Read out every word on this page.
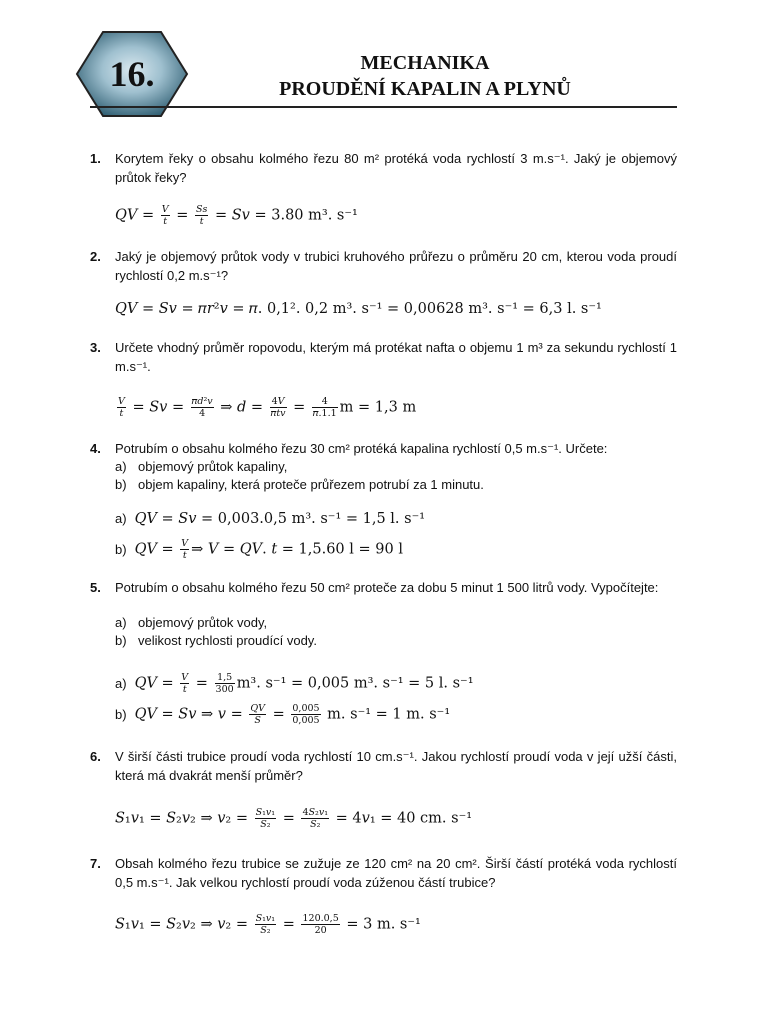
16.	MECHANIKA
PROUDĚNÍ KAPALIN A PLYNŮ
1. Korytem řeky o obsahu kolmého řezu 80 m² protéká voda rychlostí 3 m.s⁻¹. Jaký je objemový průtok řeky?
𝑄𝑉 = $\frac{\text{𝑉}}{\text{𝑡}} = \frac{\text{𝑆𝑠}}{\text{𝑡}}$ = 𝑆𝑣 = 3.80 m³. s⁻¹
2. Jaký je objemový průtok vody v trubici kruhového průřezu o průměru 20 cm, kterou voda proudí rychlostí 0,2 m.s⁻¹?
𝑄𝑉 = 𝑆𝑣 = 𝜋𝑟²𝑣 = 𝜋. 0,1². 0,2 m³. s⁻¹ = 0,00628 m³. s⁻¹ = 6,3 l. s⁻¹
3. Určete vhodný průměr ropovodu, kterým má protékat nafta o objemu 1 m³ za sekundu rychlostí 1 m.s⁻¹.
$\frac{\text{𝑉}}{\text{𝑡}}$ = 𝑆𝑣 = $\frac{\text{𝜋𝑑²𝑣}}{4}$ ⇒ 𝑑 = $\frac{\text{4𝑉}}{\text{𝜋𝑡𝑣}} = \frac{4}{\text{𝜋.1.1}}$ m = 1,3 m
4. Potrubím o obsahu kolmého řezu 30 cm² protéká kapalina rychlostí 0,5 m.s⁻¹. Určete:
a) objemový průtok kapaliny,
b) objem kapaliny, která proteče průřezem potrubí za 1 minutu.
a) 𝑄𝑉 = 𝑆𝑣 = 0,003.0,5 m³. s⁻¹ = 1,5 l. s⁻¹
b) 𝑄𝑉 = $\frac{\text{𝑉}}{\text{𝑡}}$ ⇒ 𝑉 = 𝑄𝑉. 𝑡 = 1,5.60 l = 90 l
5. Potrubím o obsahu kolmého řezu 50 cm² proteče za dobu 5 minut 1 500 litrů vody. Vypočítejte:
a) objemový průtok vody,
b) velikost rychlosti proudící vody.
a) 𝑄𝑉 = $\frac{\text{𝑉}}{\text{𝑡}} = \frac{1,5}{300} m^3$. s⁻¹ = 0,005 m³. s⁻¹ = 5 l. s⁻¹
b) 𝑄𝑉 = 𝑆𝑣 ⇒ 𝑣 = $\frac{\text{𝑄𝑉}}{\text{𝑆}} = \frac{0,005}{0,005} m$. s⁻¹ = 1 m. s⁻¹
6. V širší části trubice proudí voda rychlostí 10 cm.s⁻¹. Jakou rychlostí proudí voda v její užší části, která má dvakrát menší průměr?
𝑆₁𝑣₁ = 𝑆₂𝑣₂ ⇒ 𝑣₂ = $\frac{\text{𝑆₁𝑣₁}}{\text{𝑆₂}} = \frac{\text{4𝑆₂𝑣₁}}{\text{𝑆₂}}$ = 4𝑣₁ = 40 cm. s⁻¹
7. Obsah kolmého řezu trubice se zužuje ze 120 cm² na 20 cm². Širší částí protéká voda rychlostí 0,5 m.s⁻¹. Jak velkou rychlostí proudí voda zúženou částí trubice?
𝑆₁𝑣₁ = 𝑆₂𝑣₂ ⇒ 𝑣₂ = $\frac{\text{𝑆₁𝑣₁}}{\text{𝑆₂}} = \frac{120.0,5}{20} = 3$ m. s⁻¹
